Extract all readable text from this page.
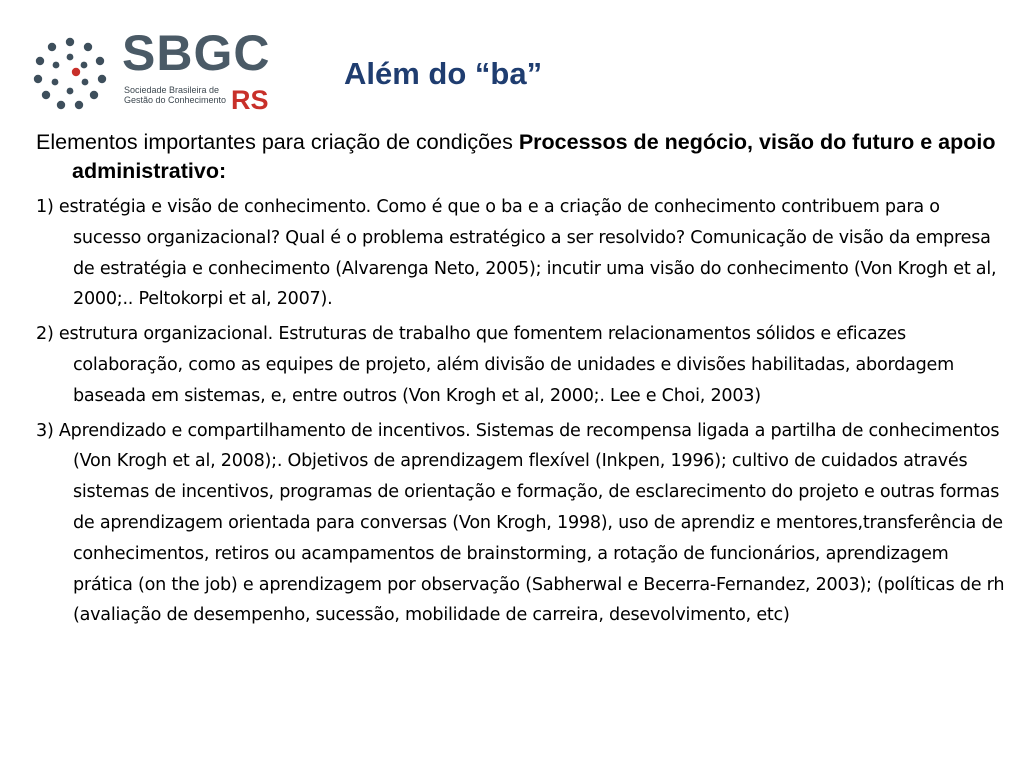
SBGC
Sociedade Brasileira de
Gestão do Conhecimento RS
Além do “ba”

Elementos importantes para criação de condições Processos de negócio, visão do futuro e apoio administrativo:

1) estratégia e visão de conhecimento. Como é que o ba e a criação de conhecimento contribuem para o sucesso organizacional? Qual é o problema estratégico a ser resolvido? Comunicação de visão da empresa de estratégia e conhecimento (Alvarenga Neto, 2005); incutir uma visão do conhecimento (Von Krogh et al, 2000;.. Peltokorpi et al, 2007).

2) estrutura organizacional. Estruturas de trabalho que fomentem relacionamentos sólidos e eficazes colaboração, como as equipes de projeto, além divisão de unidades e divisões habilitadas, abordagem baseada em sistemas, e, entre outros (Von Krogh et al, 2000;. Lee e Choi, 2003)

3) Aprendizado e compartilhamento de incentivos. Sistemas de recompensa ligada a partilha de conhecimentos (Von Krogh et al, 2008);. Objetivos de aprendizagem flexível (Inkpen, 1996); cultivo de cuidados através sistemas de incentivos, programas de orientação e formação, de esclarecimento do projeto e outras formas de aprendizagem orientada para conversas (Von Krogh, 1998), uso de aprendiz e mentores,transferência de conhecimentos, retiros ou acampamentos de brainstorming, a rotação de funcionários, aprendizagem prática (on the job) e aprendizagem por observação (Sabherwal e Becerra-Fernandez, 2003); (políticas de rh (avaliação de desempenho, sucessão, mobilidade de carreira, desevolvimento, etc)
